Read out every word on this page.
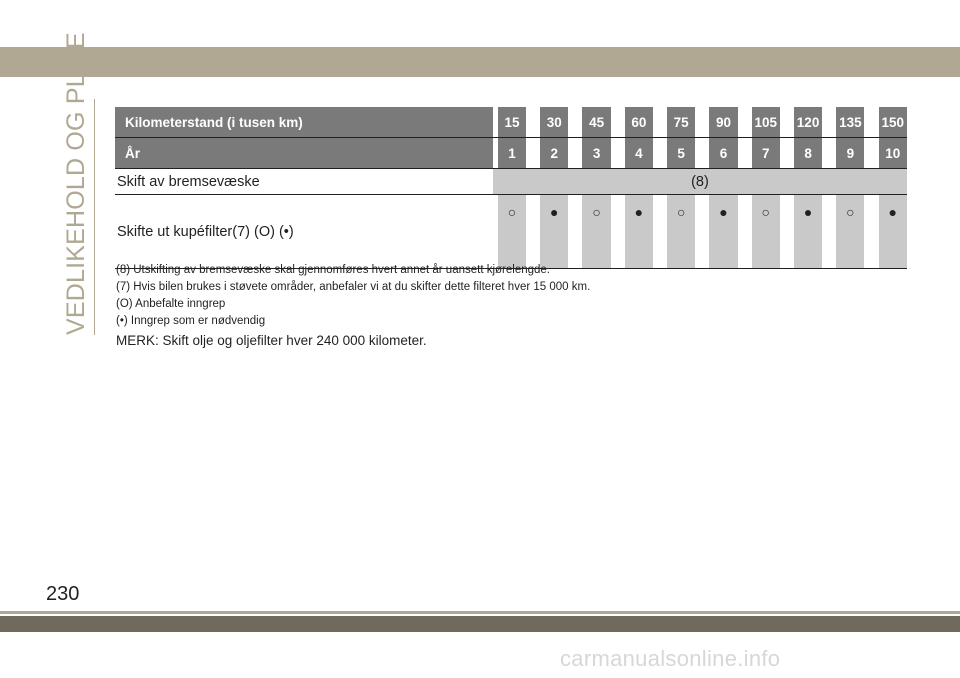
VEDLIKEHOLD OG PLEIE	Kilometerstand (i tusen km)		15		30		45		60		75		90		105		120		135		150
År		1		2		3		4		5		6		7		8		9		10
Skift av bremsevæske	(8)																			
Skifte ut kupéfilter(7) (O) (•)		○		●		○		●		○		●		○		●		○		●
(8) Utskifting av bremsevæske skal gjennomføres hvert annet år uansett kjørelengde.
(7) Hvis bilen brukes i støvete områder, anbefaler vi at du skifter dette filteret hver 15 000 km.
(O) Anbefalte inngrep
(•) Inngrep som er nødvendig
MERK: Skift olje og oljefilter hver 240 000 kilometer.
230
carmanualsonline.info
